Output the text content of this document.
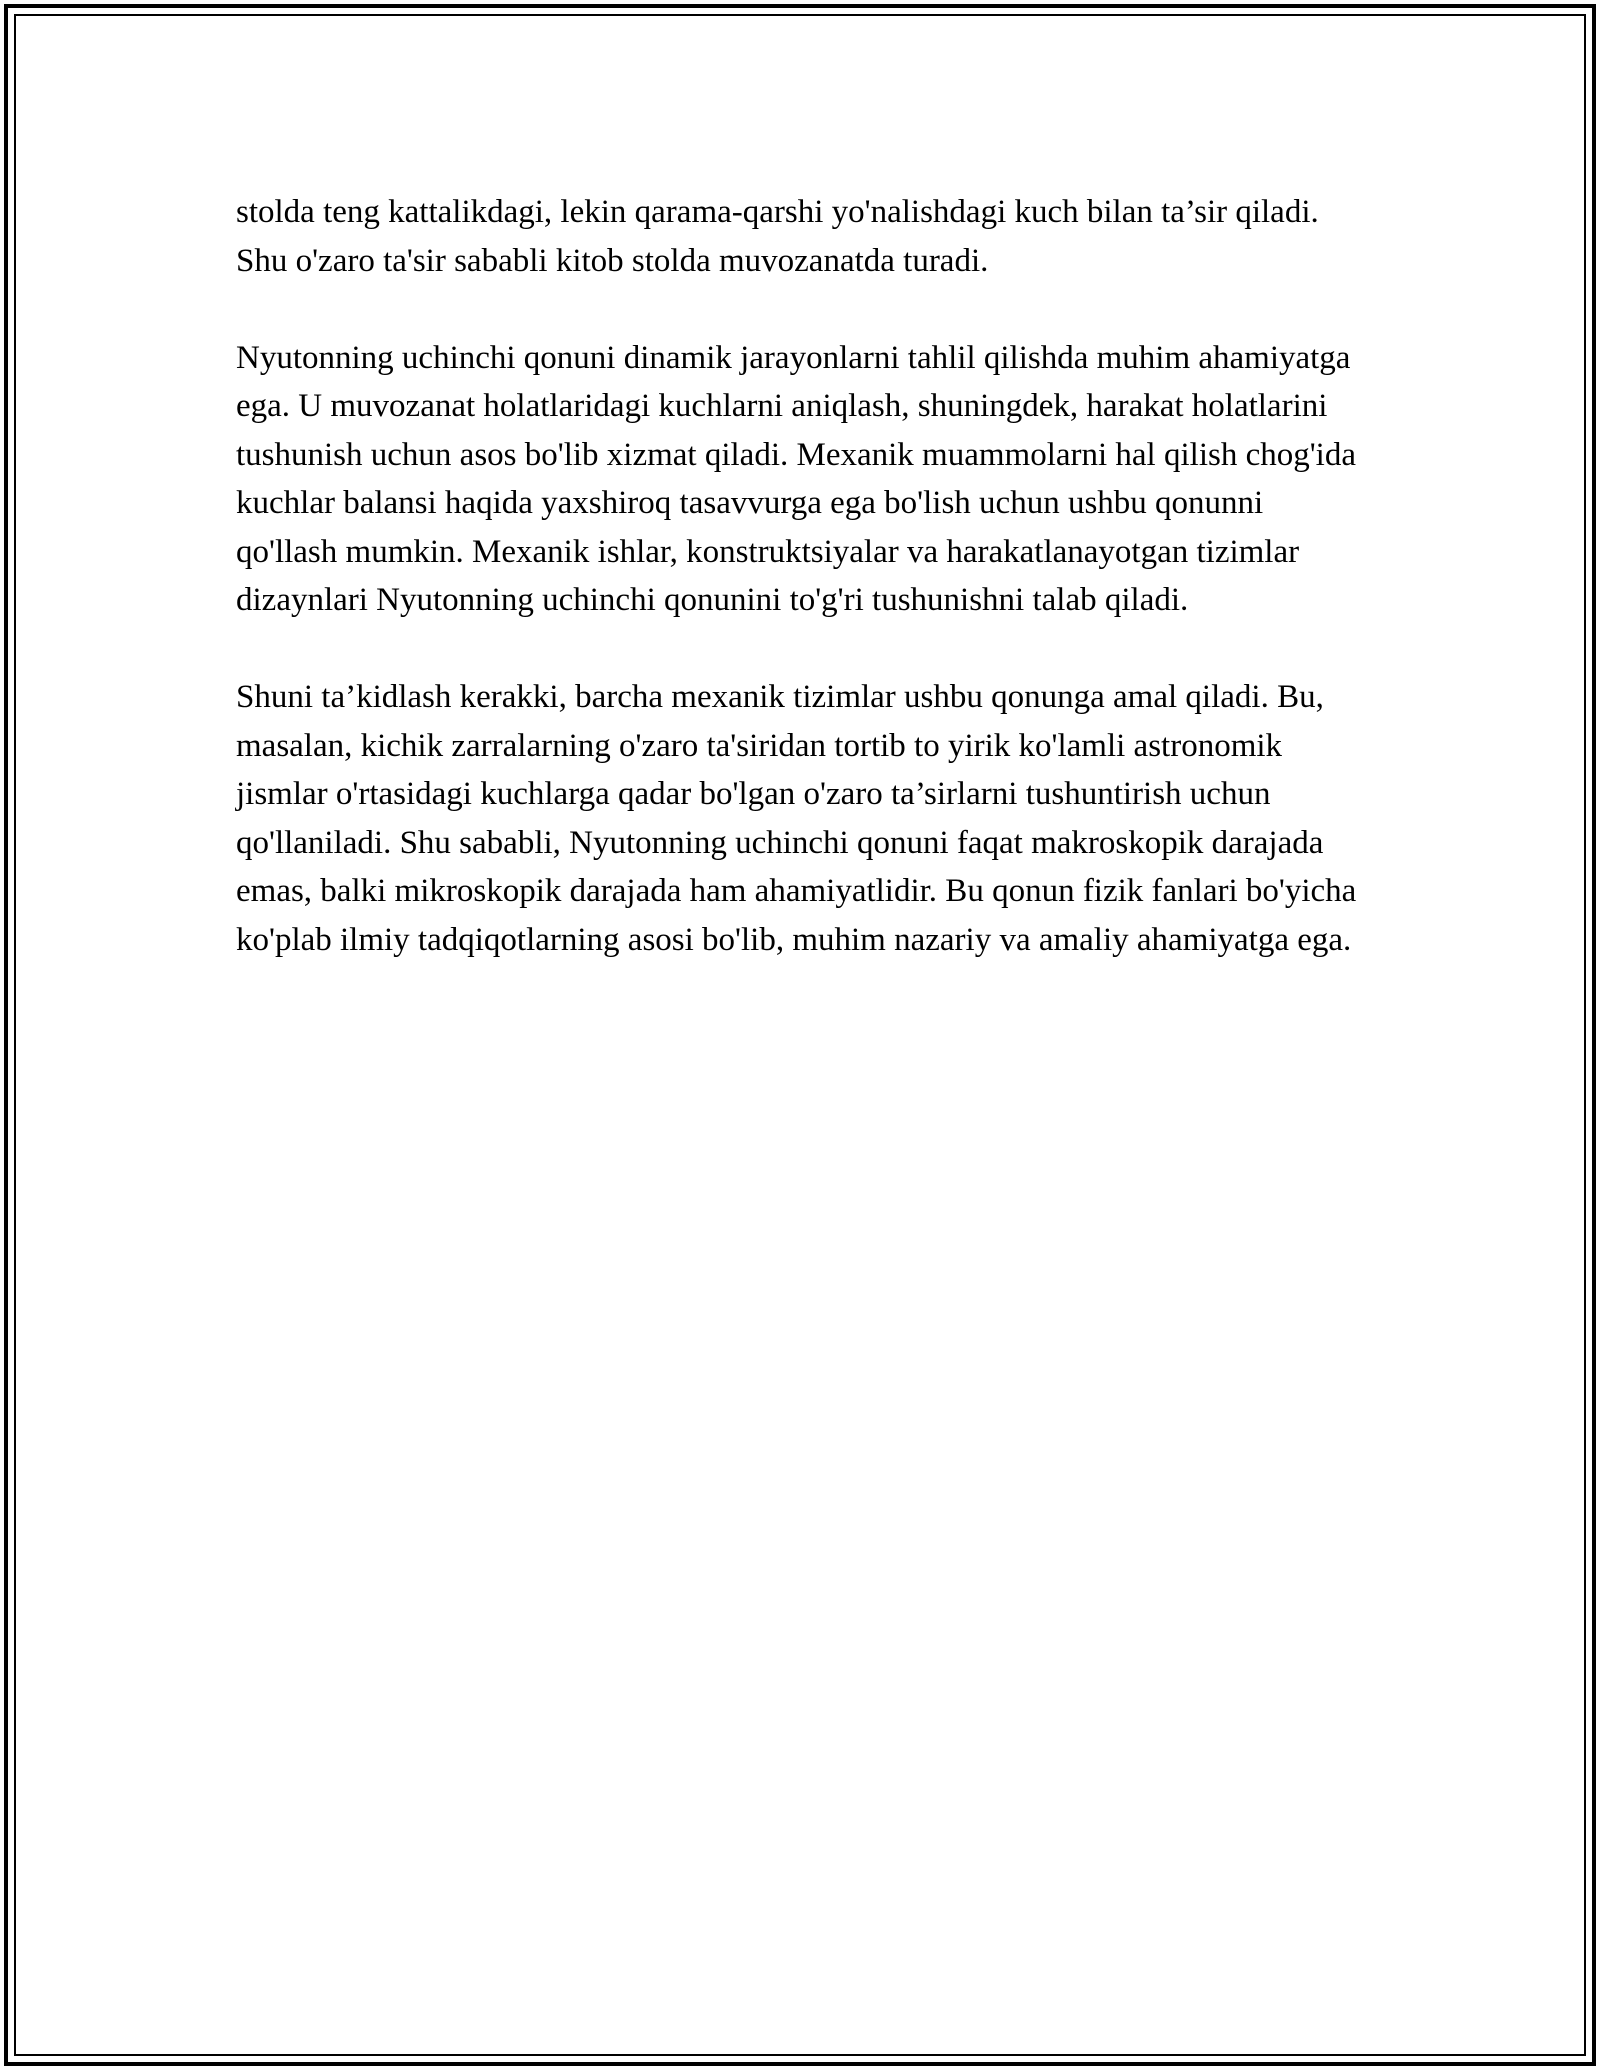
stolda teng kattalikdagi, lekin qarama-qarshi yo'nalishdagi kuch bilan ta’sir qiladi. Shu o'zaro ta'sir sababli kitob stolda muvozanatda turadi.

Nyutonning uchinchi qonuni dinamik jarayonlarni tahlil qilishda muhim ahamiyatga ega. U muvozanat holatlaridagi kuchlarni aniqlash, shuningdek, harakat holatlarini tushunish uchun asos bo'lib xizmat qiladi. Mexanik muammolarni hal qilish chog'ida kuchlar balansi haqida yaxshiroq tasavvurga ega bo'lish uchun ushbu qonunni qo'llash mumkin. Mexanik ishlar, konstruktsiyalar va harakatlanayotgan tizimlar dizaynlari Nyutonning uchinchi qonunini to'g'ri tushunishni talab qiladi.

Shuni ta’kidlash kerakki, barcha mexanik tizimlar ushbu qonunga amal qiladi. Bu, masalan, kichik zarralarning o'zaro ta'siridan tortib to yirik ko'lamli astronomik jismlar o'rtasidagi kuchlarga qadar bo'lgan o'zaro ta’sirlarni tushuntirish uchun qo'llaniladi. Shu sababli, Nyutonning uchinchi qonuni faqat makroskopik darajada emas, balki mikroskopik darajada ham ahamiyatlidir. Bu qonun fizik fanlari bo'yicha ko'plab ilmiy tadqiqotlarning asosi bo'lib, muhim nazariy va amaliy ahamiyatga ega.
